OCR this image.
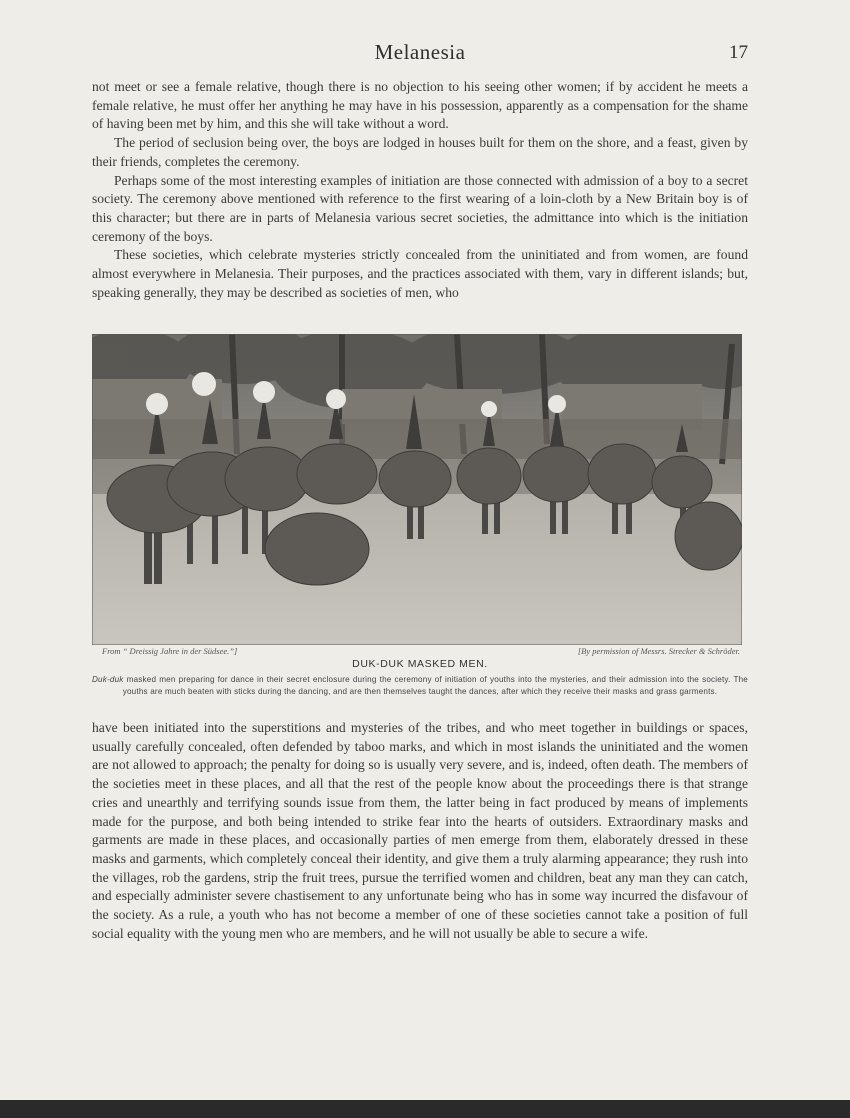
Melanesia	17

not meet or see a female relative, though there is no objection to his seeing other women; if by accident he meets a female relative, he must offer her anything he may have in his possession, apparently as a compensation for the shame of having been met by him, and this she will take without a word.

The period of seclusion being over, the boys are lodged in houses built for them on the shore, and a feast, given by their friends, completes the ceremony.

Perhaps some of the most interesting examples of initiation are those connected with admission of a boy to a secret society. The ceremony above mentioned with reference to the first wearing of a loin-cloth by a New Britain boy is of this character; but there are in parts of Melanesia various secret societies, the admittance into which is the initiation ceremony of the boys.

These societies, which celebrate mysteries strictly concealed from the uninitiated and from women, are found almost everywhere in Melanesia. Their purposes, and the practices associated with them, vary in different islands; but, speaking generally, they may be described as societies of men, who

From “ Dreissig Jahre in der Südsee.”]	[By permission of Messrs. Strecker & Schröder.
DUK-DUK MASKED MEN.
Duk-duk masked men preparing for dance in their secret enclosure during the ceremony of initiation of youths into the mysteries, and their admission into the society. The youths are much beaten with sticks during the dancing, and are then themselves taught the dances, after which they receive their masks and grass garments.

have been initiated into the superstitions and mysteries of the tribes, and who meet together in buildings or spaces, usually carefully concealed, often defended by taboo marks, and which in most islands the uninitiated and the women are not allowed to approach; the penalty for doing so is usually very severe, and is, indeed, often death. The members of the societies meet in these places, and all that the rest of the people know about the proceedings there is that strange cries and unearthly and terrifying sounds issue from them, the latter being in fact produced by means of implements made for the purpose, and both being intended to strike fear into the hearts of outsiders. Extraordinary masks and garments are made in these places, and occasionally parties of men emerge from them, elaborately dressed in these masks and garments, which completely conceal their identity, and give them a truly alarming appearance; they rush into the villages, rob the gardens, strip the fruit trees, pursue the terrified women and children, beat any man they can catch, and especially administer severe chastisement to any unfortunate being who has in some way incurred the disfavour of the society. As a rule, a youth who has not become a member of one of these societies cannot take a position of full social equality with the young men who are members, and he will not usually be able to secure a wife.
